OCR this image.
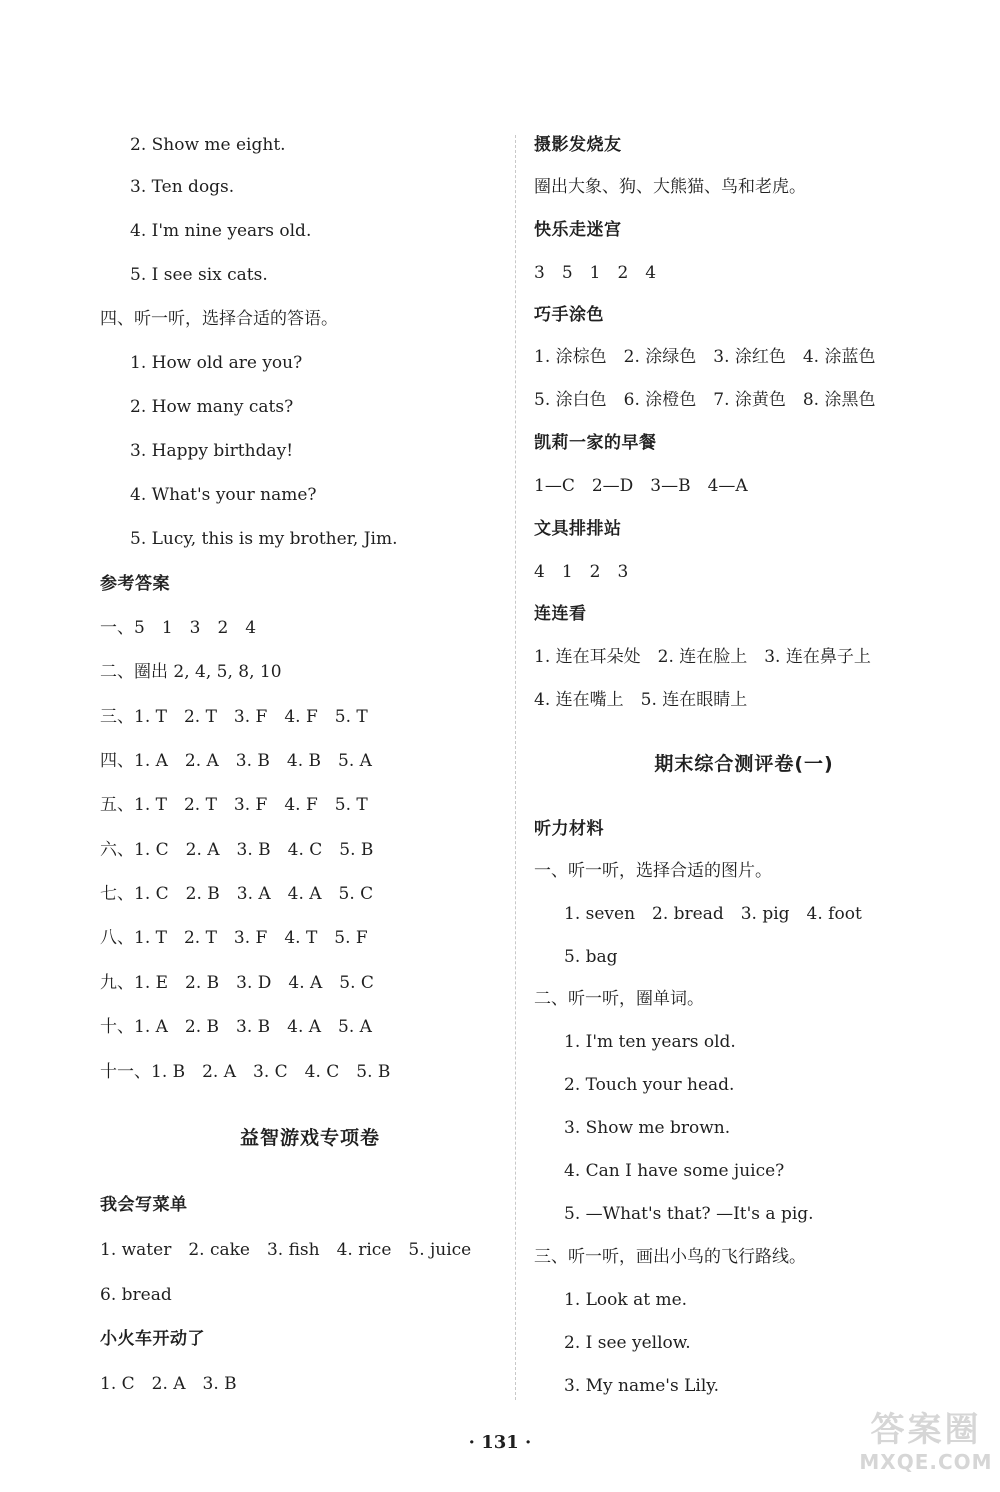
2. Show me eight.
3. Ten dogs.
4. I'm nine years old.
5. I see six cats.
四、听一听，选择合适的答语。
1. How old are you?
2. How many cats?
3. Happy birthday!
4. What's your name?
5. Lucy, this is my brother, Jim.
参考答案
一、5　1　3　2　4
二、圈出 2, 4, 5, 8, 10
三、1. T　2. T　3. F　4. F　5. T
四、1. A　2. A　3. B　4. B　5. A
五、1. T　2. T　3. F　4. F　5. T
六、1. C　2. A　3. B　4. C　5. B
七、1. C　2. B　3. A　4. A　5. C
八、1. T　2. T　3. F　4. T　5. F
九、1. E　2. B　3. D　4. A　5. C
十、1. A　2. B　3. B　4. A　5. A
十一、1. B　2. A　3. C　4. C　5. B
益智游戏专项卷
我会写菜单
1. water　2. cake　3. fish　4. rice　5. juice
6. bread
小火车开动了
1. C　2. A　3. B
摄影发烧友
圈出大象、狗、大熊猫、鸟和老虎。
快乐走迷宫
3　5　1　2　4
巧手涂色
1. 涂棕色　2. 涂绿色　3. 涂红色　4. 涂蓝色
5. 涂白色　6. 涂橙色　7. 涂黄色　8. 涂黑色
凯莉一家的早餐
1—C　2—D　3—B　4—A
文具排排站
4　1　2　3
连连看
1. 连在耳朵处　2. 连在脸上　3. 连在鼻子上
4. 连在嘴上　5. 连在眼睛上
期末综合测评卷(一)
听力材料
一、听一听，选择合适的图片。
1. seven　2. bread　3. pig　4. foot
5. bag
二、听一听，圈单词。
1. I'm ten years old.
2. Touch your head.
3. Show me brown.
4. Can I have some juice?
5. —What's that? —It's a pig.
三、听一听，画出小鸟的飞行路线。
1. Look at me.
2. I see yellow.
3. My name's Lily.
· 131 ·	答案圈
MXQE.COM
